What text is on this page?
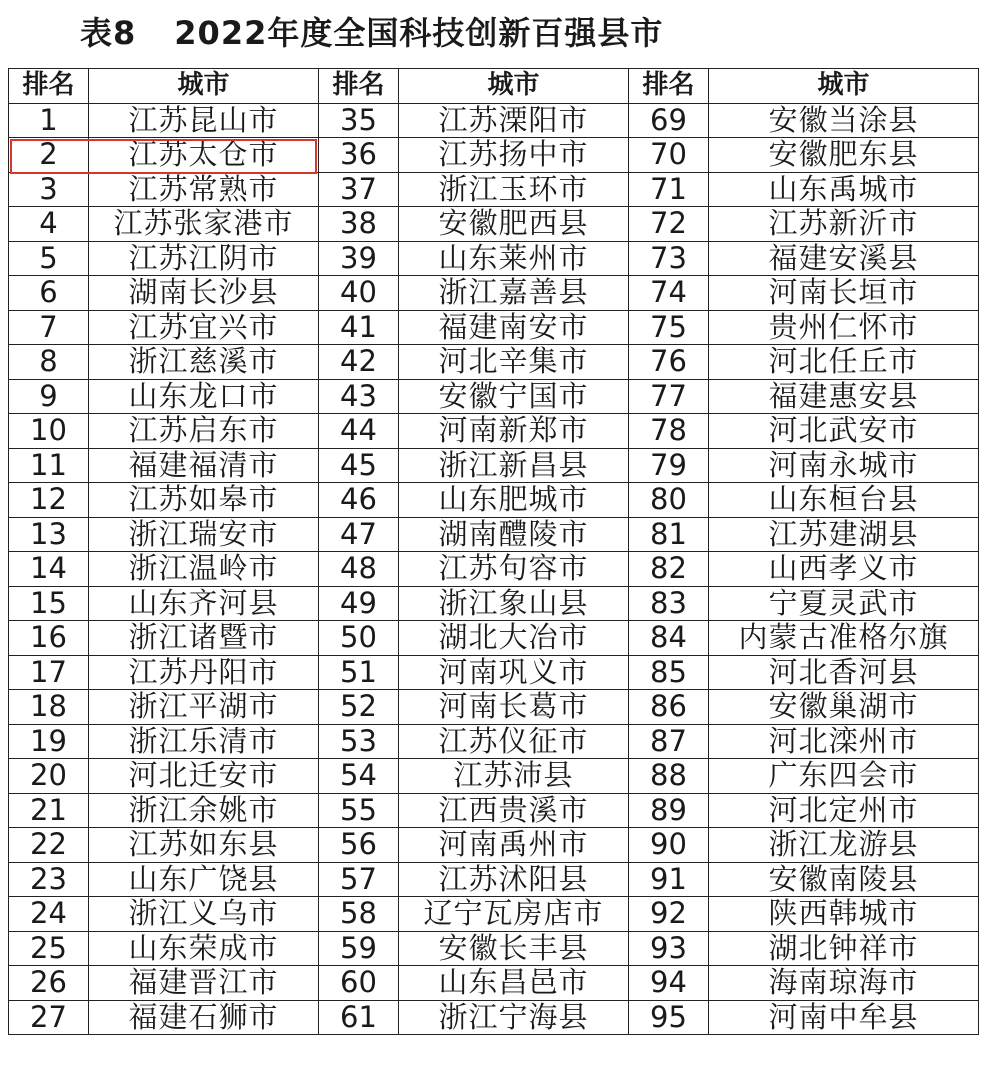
表8 2022年度全国科技创新百强县市
排名	城市	排名	城市	排名	城市
1	江苏昆山市	35	江苏溧阳市	69	安徽当涂县
2	江苏太仓市	36	江苏扬中市	70	安徽肥东县
3	江苏常熟市	37	浙江玉环市	71	山东禹城市
4	江苏张家港市	38	安徽肥西县	72	江苏新沂市
5	江苏江阴市	39	山东莱州市	73	福建安溪县
6	湖南长沙县	40	浙江嘉善县	74	河南长垣市
7	江苏宜兴市	41	福建南安市	75	贵州仁怀市
8	浙江慈溪市	42	河北辛集市	76	河北任丘市
9	山东龙口市	43	安徽宁国市	77	福建惠安县
10	江苏启东市	44	河南新郑市	78	河北武安市
11	福建福清市	45	浙江新昌县	79	河南永城市
12	江苏如皋市	46	山东肥城市	80	山东桓台县
13	浙江瑞安市	47	湖南醴陵市	81	江苏建湖县
14	浙江温岭市	48	江苏句容市	82	山西孝义市
15	山东齐河县	49	浙江象山县	83	宁夏灵武市
16	浙江诸暨市	50	湖北大冶市	84	内蒙古准格尔旗
17	江苏丹阳市	51	河南巩义市	85	河北香河县
18	浙江平湖市	52	河南长葛市	86	安徽巢湖市
19	浙江乐清市	53	江苏仪征市	87	河北滦州市
20	河北迁安市	54	江苏沛县	88	广东四会市
21	浙江余姚市	55	江西贵溪市	89	河北定州市
22	江苏如东县	56	河南禹州市	90	浙江龙游县
23	山东广饶县	57	江苏沭阳县	91	安徽南陵县
24	浙江义乌市	58	辽宁瓦房店市	92	陕西韩城市
25	山东荣成市	59	安徽长丰县	93	湖北钟祥市
26	福建晋江市	60	山东昌邑市	94	海南琼海市
27	福建石狮市	61	浙江宁海县	95	河南中牟县
